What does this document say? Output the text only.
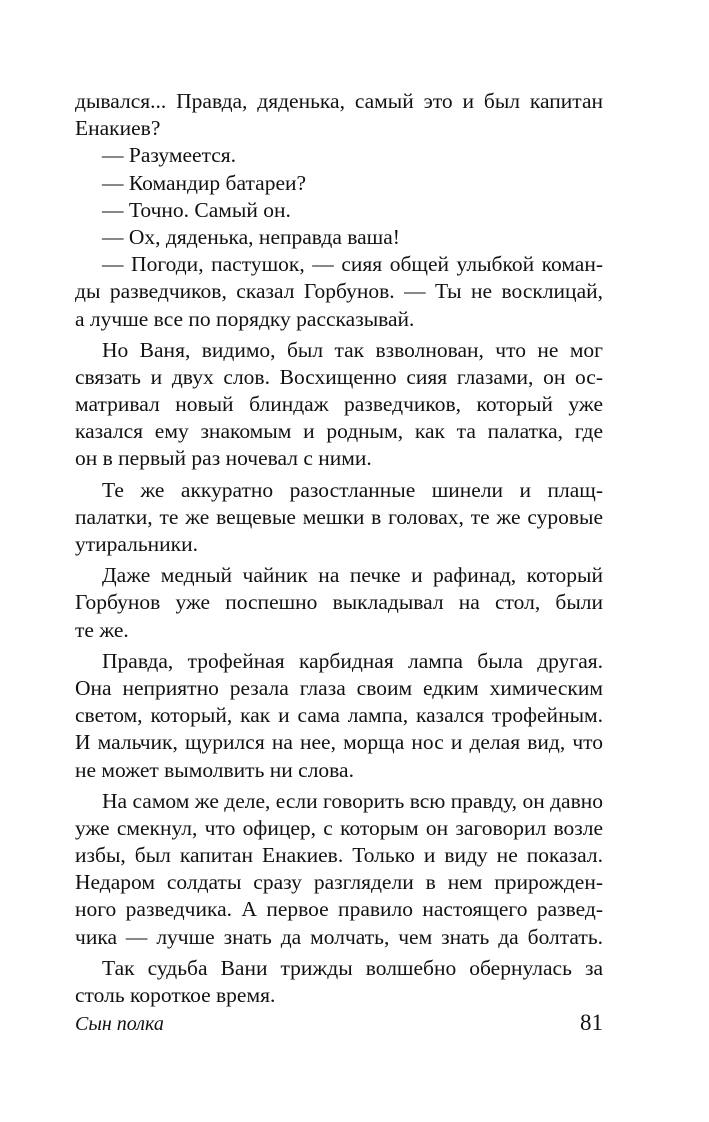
дывался... Правда, дяденька, самый это и был капитан
Енакиев?
— Разумеется.
— Командир батареи?
— Точно. Самый он.
— Ох, дяденька, неправда ваша!
— Погоди, пастушок, — сияя общей улыбкой коман-
ды разведчиков, сказал Горбунов. — Ты не восклицай,
а лучше все по порядку рассказывай.
Но Ваня, видимо, был так взволнован, что не мог
связать и двух слов. Восхищенно сияя глазами, он ос-
матривал новый блиндаж разведчиков, который уже
казался ему знакомым и родным, как та палатка, где
он в первый раз ночевал с ними.
Те же аккуратно разостланные шинели и плащ-
палатки, те же вещевые мешки в головах, те же суровые
утиральники.
Даже медный чайник на печке и рафинад, который
Горбунов уже поспешно выкладывал на стол, были
те же.
Правда, трофейная карбидная лампа была другая.
Она неприятно резала глаза своим едким химическим
светом, который, как и сама лампа, казался трофейным.
И мальчик, щурился на нее, морща нос и делая вид, что
не может вымолвить ни слова.
На самом же деле, если говорить всю правду, он давно
уже смекнул, что офицер, с которым он заговорил возле
избы, был капитан Енакиев. Только и виду не показал.
Недаром солдаты сразу разглядели в нем прирожден-
ного разведчика. А первое правило настоящего развед-
чика — лучше знать да молчать, чем знать да болтать.
Так судьба Вани трижды волшебно обернулась за
столь короткое время.
Сын полка	81
